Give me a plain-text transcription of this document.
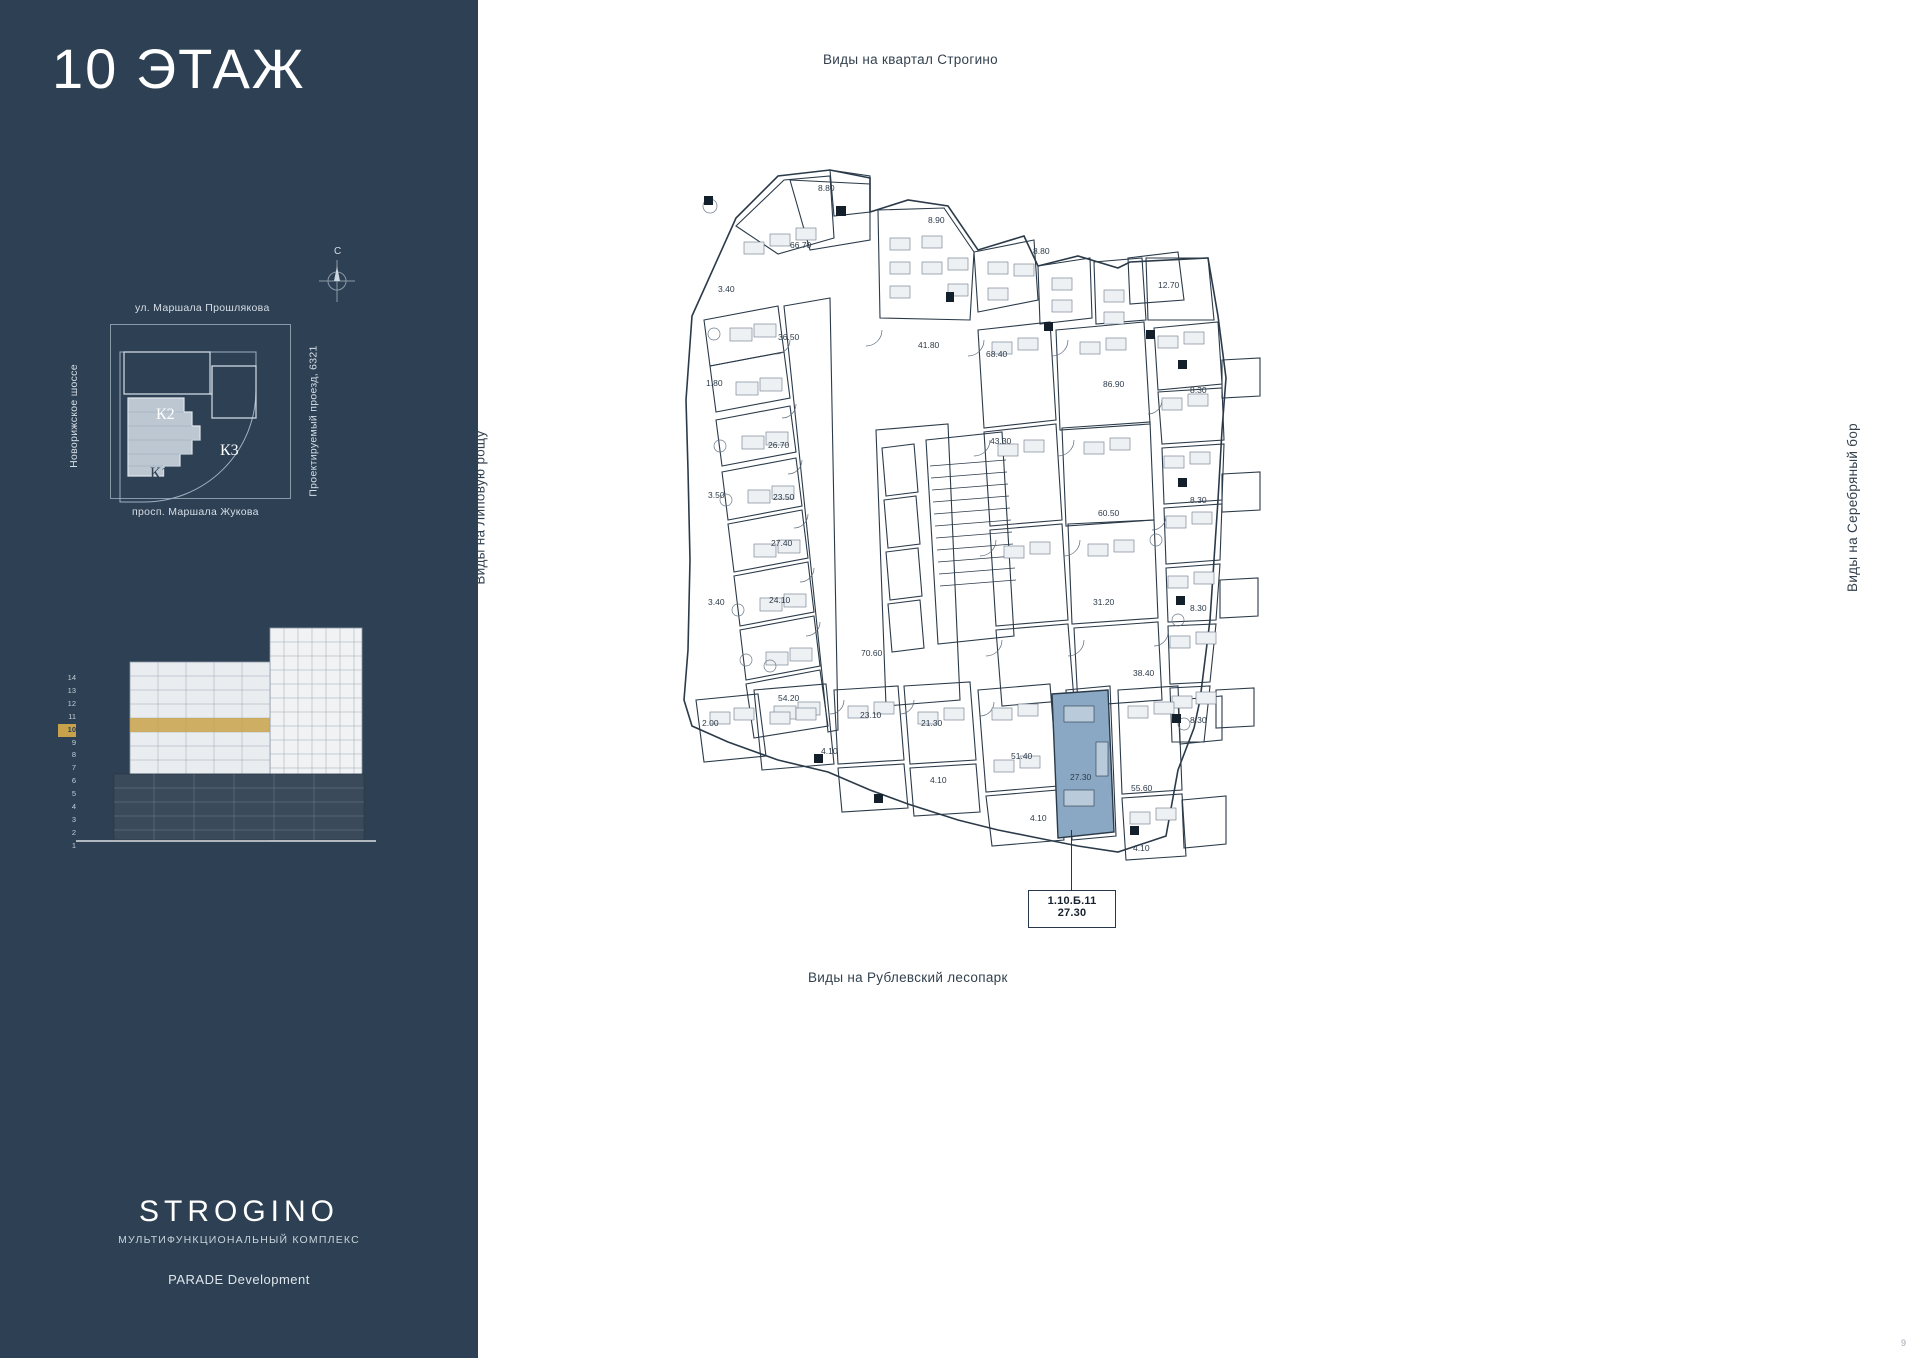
10 ЭТАЖ
ул. Маршала Прошлякова
просп. Маршала Жукова
Новорижское шоссе	Проектируемый проезд, 6321
К2
К3
К1
С
14
13
12
11
10
9
8
7
6
5
4
3
2
1
STROGINO
МУЛЬТИФУНКЦИОНАЛЬНЫЙ КОМПЛЕКС
PARADE Development
Виды на квартал Строгино
Виды на Рублевский лесопарк
Виды на Липовую рощу	Виды на Серебряный бор
8.80
8.90
8.80
12.70
66.70
3.40
36.50
41.80
68.40
86.90
8.30
1.80
26.70	43.30
3.50	23.50
60.50
8.30
27.40
3.40	24.10	31.20
8.30
70.60
38.40
54.20
23.10
21.30	8.30
2.00
4.10	51.40
27.30
55.60
4.10
4.10
4.10
1.10.Б.11
27.30
9
